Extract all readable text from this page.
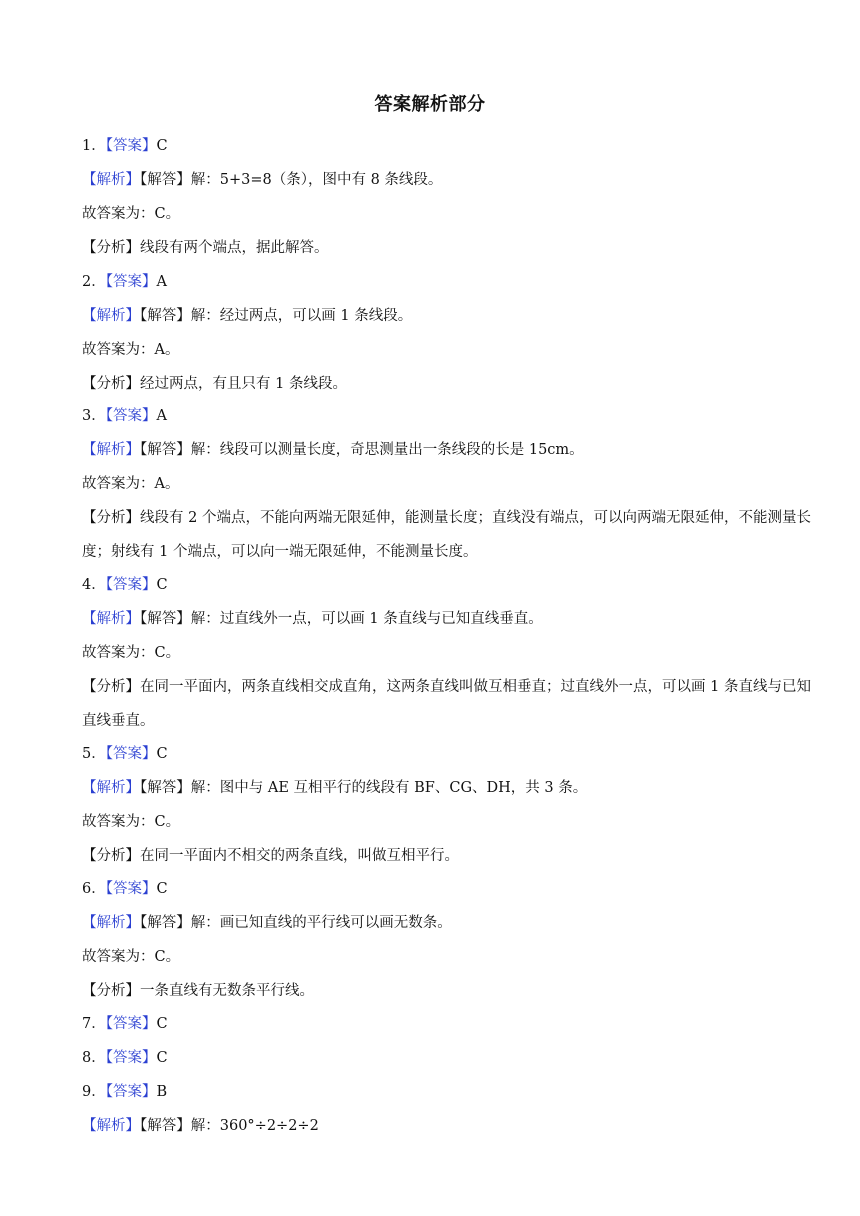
答案解析部分
1．【答案】C
【解析】【解答】解：5+3=8（条），图中有 8 条线段。
故答案为：C。
【分析】线段有两个端点，据此解答。
2．【答案】A
【解析】【解答】解：经过两点，可以画 1 条线段。
故答案为：A。
【分析】经过两点，有且只有 1 条线段。
3．【答案】A
【解析】【解答】解：线段可以测量长度，奇思测量出一条线段的长是 15cm。
故答案为：A。
【分析】线段有 2 个端点，不能向两端无限延伸，能测量长度；直线没有端点，可以向两端无限延伸，不能测量长度；射线有 1 个端点，可以向一端无限延伸，不能测量长度。
4．【答案】C
【解析】【解答】解：过直线外一点，可以画 1 条直线与已知直线垂直。
故答案为：C。
【分析】在同一平面内，两条直线相交成直角，这两条直线叫做互相垂直；过直线外一点，可以画 1 条直线与已知直线垂直。
5．【答案】C
【解析】【解答】解：图中与 AE 互相平行的线段有 BF、CG、DH，共 3 条。
故答案为：C。
【分析】在同一平面内不相交的两条直线，叫做互相平行。
6．【答案】C
【解析】【解答】解：画已知直线的平行线可以画无数条。
故答案为：C。
【分析】一条直线有无数条平行线。
7．【答案】C
8．【答案】C
9．【答案】B
【解析】【解答】解：360°÷2÷2÷2
